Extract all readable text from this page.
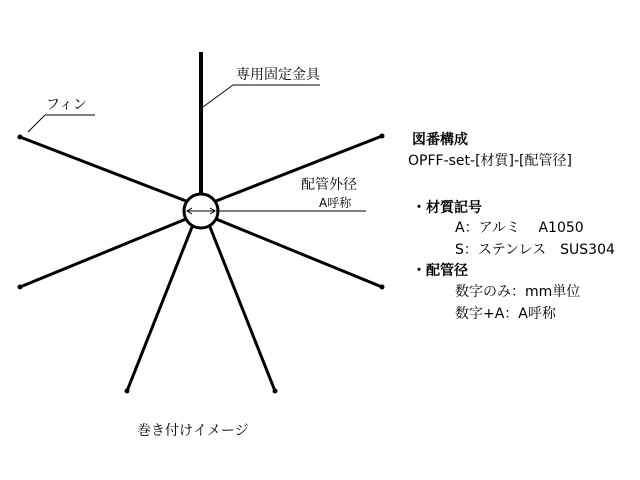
フィン
専用固定金具
配管外径
A呼称
巻き付けイメージ
図番構成
OPFF-set-[材質]-[配管径]
・材質記号
A：アルミ　 A1050
S：ステンレス　SUS304
・配管径
数字のみ：mm単位
数字+A：A呼称
